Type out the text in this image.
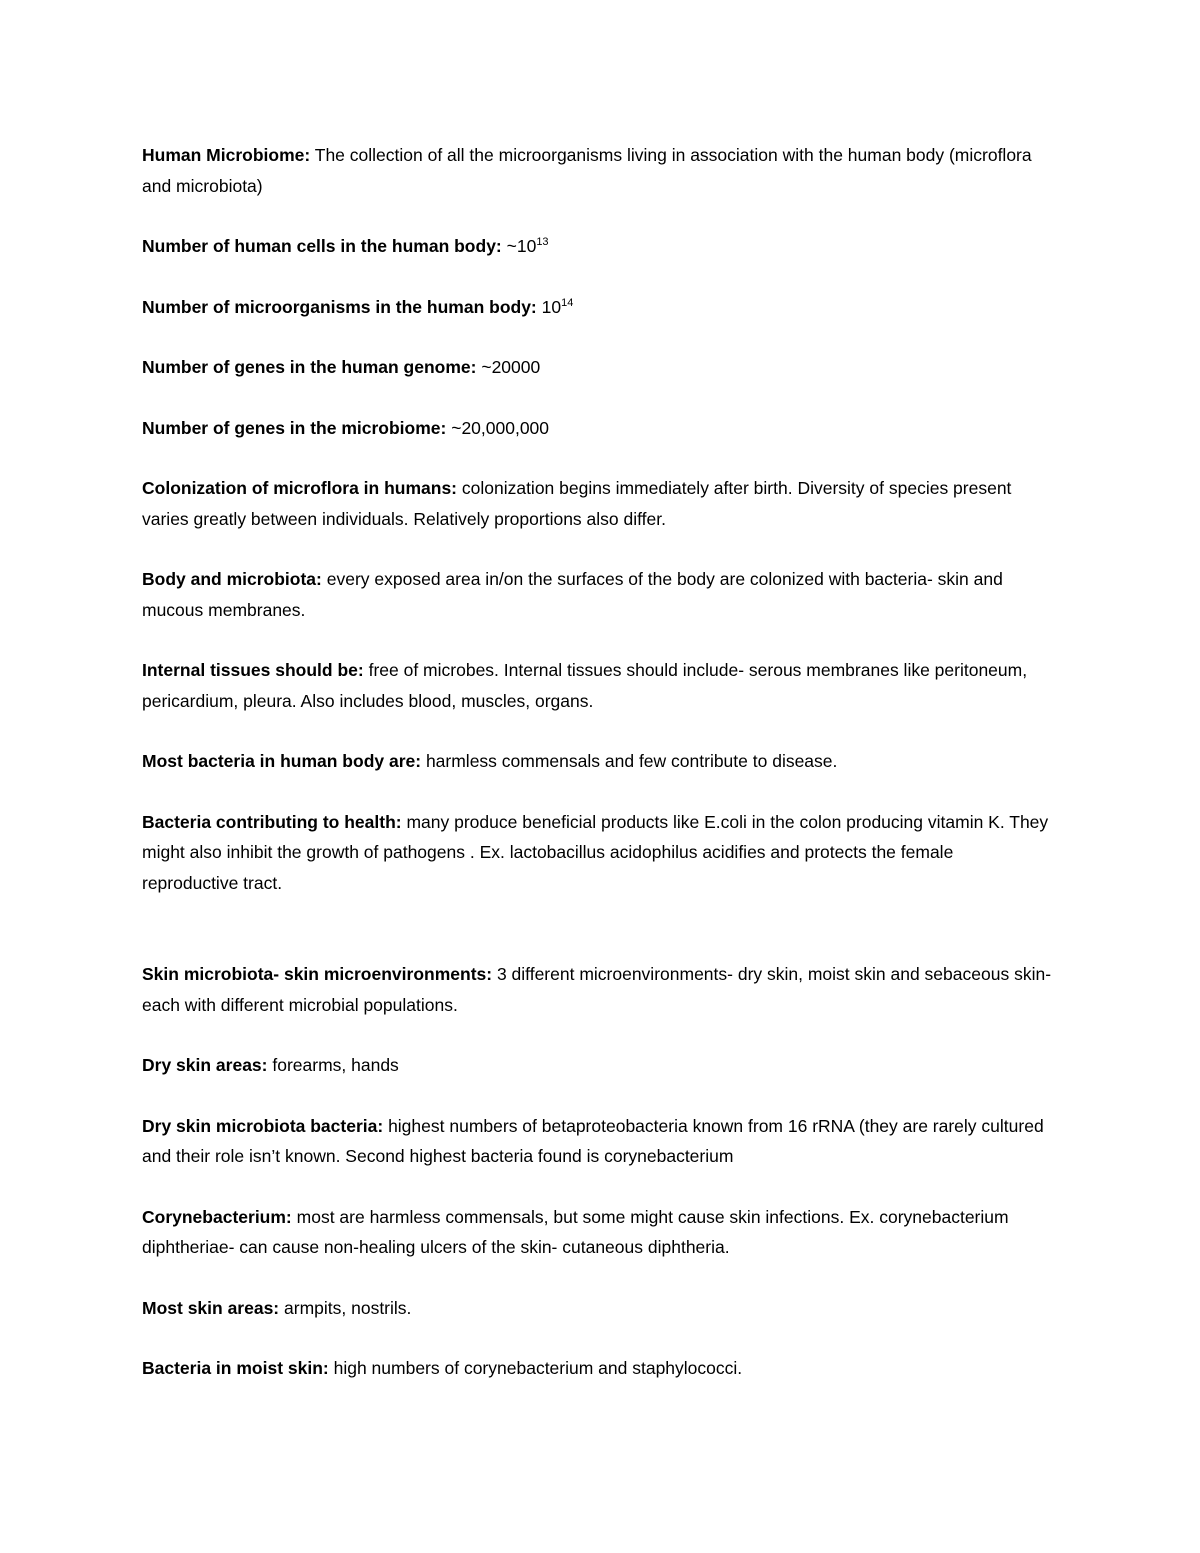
Human Microbiome: The collection of all the microorganisms living in association with the human body (microflora and microbiota)

Number of human cells in the human body: $\sim 10^{13}$

Number of microorganisms in the human body: $10^{14}$

Number of genes in the human genome: ~20000

Number of genes in the microbiome: ~20,000,000

Colonization of microflora in humans: colonization begins immediately after birth. Diversity of species present varies greatly between individuals. Relatively proportions also differ.

Body and microbiota: every exposed area in/on the surfaces of the body are colonized with bacteria- skin and mucous membranes.

Internal tissues should be: free of microbes. Internal tissues should include- serous membranes like peritoneum, pericardium, pleura. Also includes blood, muscles, organs.

Most bacteria in human body are: harmless commensals and few contribute to disease.

Bacteria contributing to health: many produce beneficial products like E.coli in the colon producing vitamin K. They might also inhibit the growth of pathogens . Ex. lactobacillus acidophilus acidifies and protects the female reproductive tract.

Skin microbiota- skin microenvironments: 3 different microenvironments- dry skin, moist skin and sebaceous skin- each with different microbial populations.

Dry skin areas: forearms, hands

Dry skin microbiota bacteria: highest numbers of betaproteobacteria known from 16 rRNA (they are rarely cultured and their role isn’t known. Second highest bacteria found is corynebacterium

Corynebacterium: most are harmless commensals, but some might cause skin infections. Ex. corynebacterium diphtheriae- can cause non-healing ulcers of the skin- cutaneous diphtheria.

Most skin areas: armpits, nostrils.

Bacteria in moist skin: high numbers of corynebacterium and staphylococci.
